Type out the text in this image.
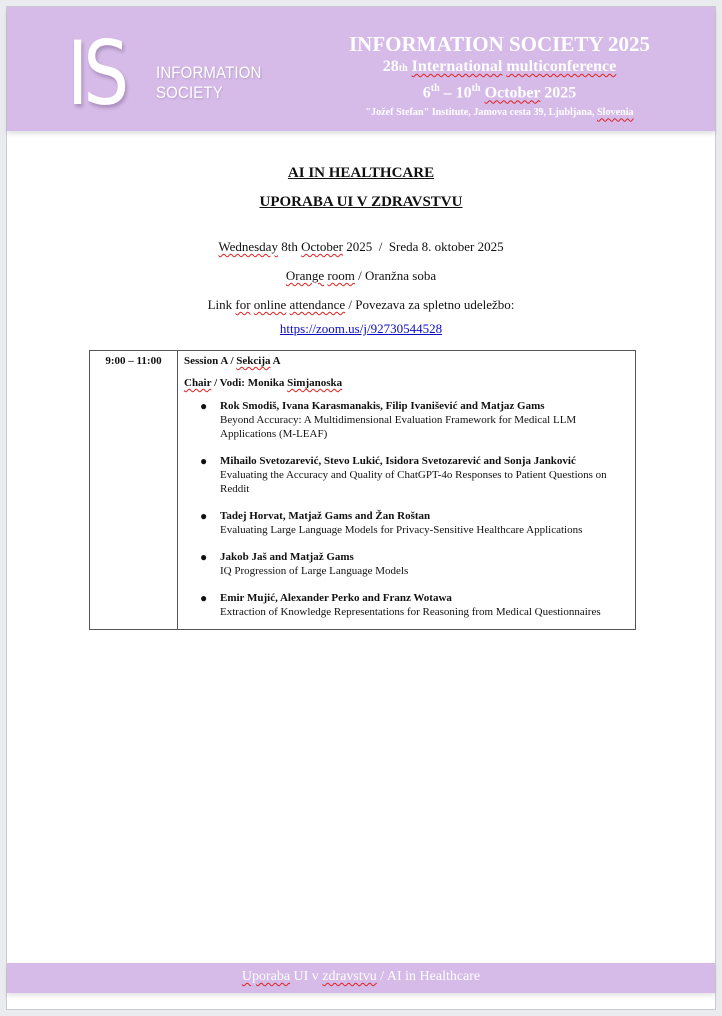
IS INFORMATION
SOCIETY
INFORMATION SOCIETY 2025
28th International multiconference
6th – 10th October 2025
"Jožef Stefan" Institute, Jamova cesta 39, Ljubljana, Slovenia
AI IN HEALTHCARE
UPORABA UI V ZDRAVSTVU
Wednesday 8th October 2025  /  Sreda 8. oktober 2025
Orange room / Oranžna soba
Link for online attendance / Povezava za spletno udeležbo:
https://zoom.us/j/92730544528
9:00 – 11:00	Session A / Sekcija A
Chair / Vodi: Monika Simjanoska
● Rok Smodiš, Ivana Karasmanakis, Filip Ivanišević and Matjaz Gams
Beyond Accuracy: A Multidimensional Evaluation Framework for Medical LLM Applications (M-LEAF)
● Mihailo Svetozarević, Stevo Lukić, Isidora Svetozarević and Sonja Janković
Evaluating the Accuracy and Quality of ChatGPT-4o Responses to Patient Questions on Reddit
● Tadej Horvat, Matjaž Gams and Žan Roštan
Evaluating Large Language Models for Privacy-Sensitive Healthcare Applications
● Jakob Jaš and Matjaž Gams
IQ Progression of Large Language Models
● Emir Mujić, Alexander Perko and Franz Wotawa
Extraction of Knowledge Representations for Reasoning from Medical Questionnaires
Uporaba UI v zdravstvu / AI in Healthcare
